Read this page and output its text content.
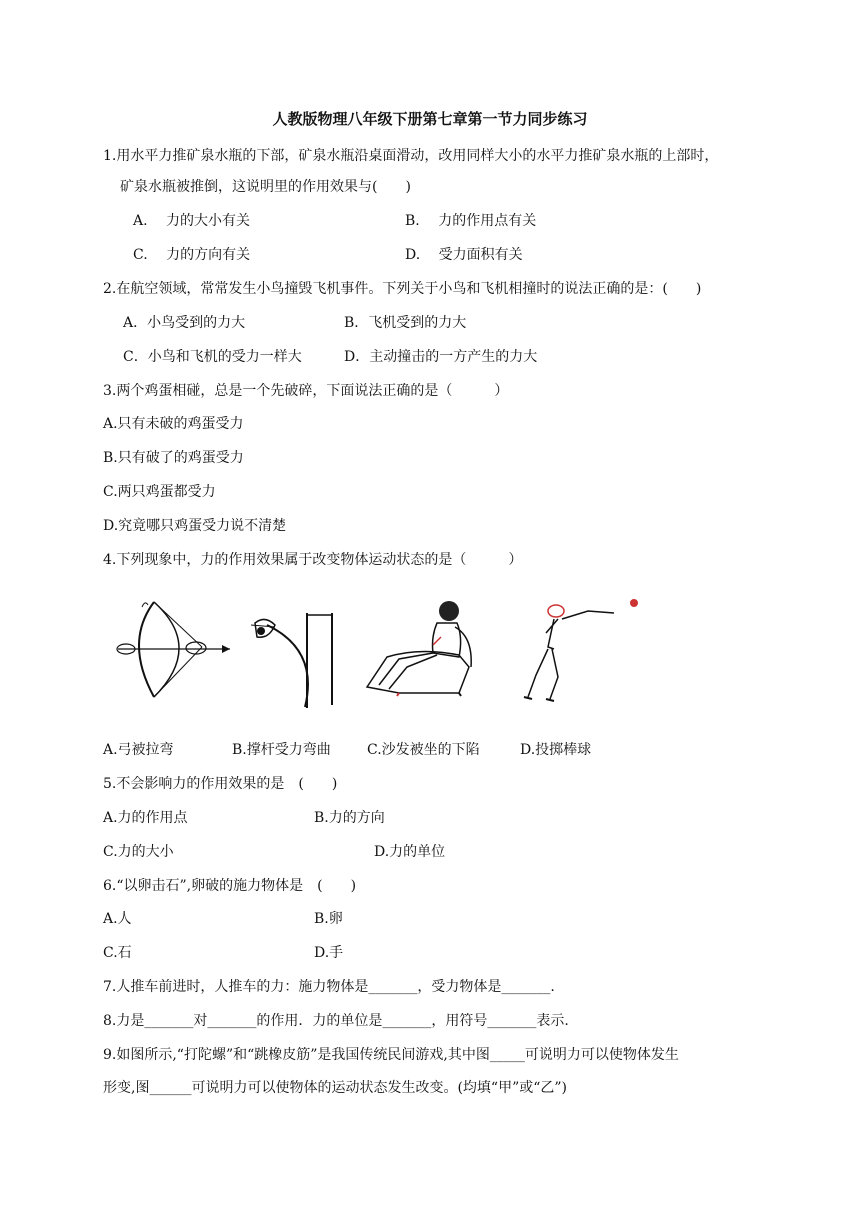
人教版物理八年级下册第七章第一节力同步练习
1.用水平力推矿泉水瓶的下部，矿泉水瓶沿桌面滑动，改用同样大小的水平力推矿泉水瓶的上部时，
矿泉水瓶被推倒，这说明里的作用效果与(　　)
A.　 力的大小有关	B.　 力的作用点有关
C.　 力的方向有关	D.　 受力面积有关
2.在航空领域，常常发生小鸟撞毁飞机事件。下列关于小鸟和飞机相撞时的说法正确的是：(　　)
A．小鸟受到的力大	B．飞机受到的力大
C．小鸟和飞机的受力一样大	D．主动撞击的一方产生的力大
3.两个鸡蛋相碰，总是一个先破碎，下面说法正确的是（　　　）
A.只有未破的鸡蛋受力
B.只有破了的鸡蛋受力
C.两只鸡蛋都受力
D.究竟哪只鸡蛋受力说不清楚
4.下列现象中，力的作用效果属于改变物体运动状态的是（　　　）
A.弓被拉弯	B.撑杆受力弯曲	C.沙发被坐的下陷	D.投掷棒球
5.不会影响力的作用效果的是　(　　)
A.力的作用点	B.力的方向
C.力的大小	D.力的单位
6.“以卵击石”,卵破的施力物体是　(　　)
A.人	B.卵
C.石	D.手
7.人推车前进时，人推车的力：施力物体是_______，受力物体是_______.
8.力是_______对_______的作用．力的单位是_______，用符号_______表示.
9.如图所示,“打陀螺”和“跳橡皮筋”是我国传统民间游戏,其中图_____可说明力可以使物体发生
形变,图______可说明力可以使物体的运动状态发生改变。(均填“甲”或“乙”)
